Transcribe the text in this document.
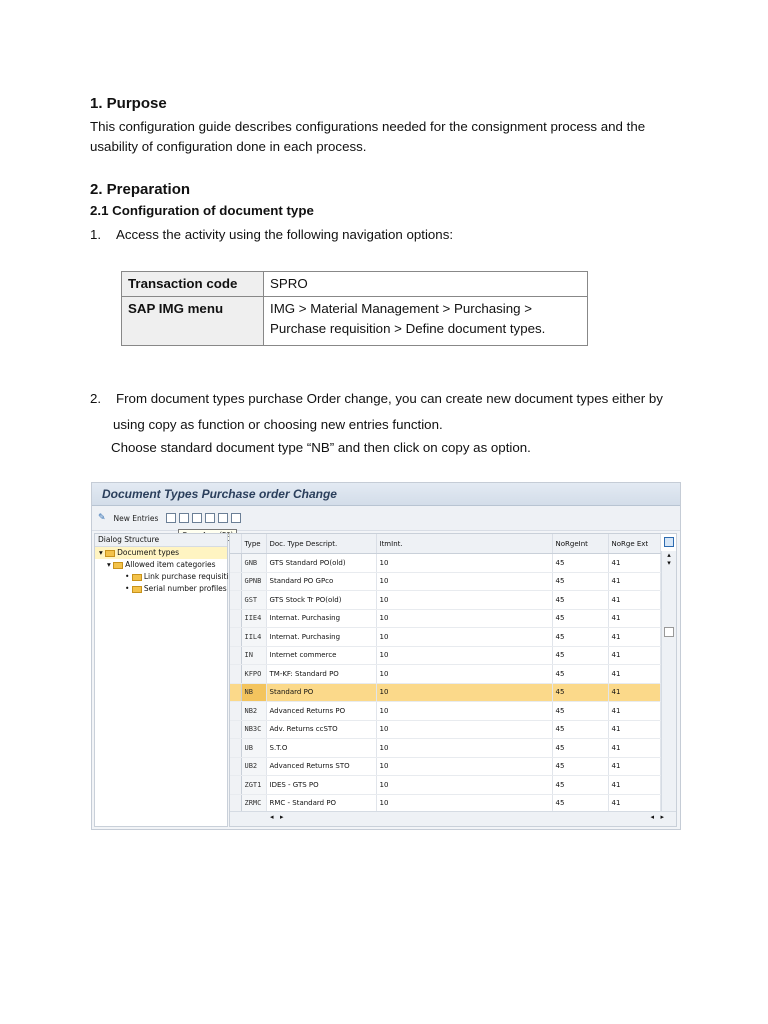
1. Purpose
This configuration guide describes configurations needed for the consignment process and the usability of configuration done in each process.
2. Preparation
2.1 Configuration of document type
1. Access the activity using the following navigation options:
Transaction code	SPRO
SAP IMG menu	IMG > Material Management > Purchasing > Purchase requisition > Define document types.
2. From document types purchase Order change, you can create new document types either by
using copy as function or choosing new entries function.
Choose standard document type “NB” and then click on copy as option.
Document Types Purchase order Change
✎ New Entries
Dialog Structure
▾ Document types
▾ Allowed item categories
• Link purchase requisiti
• Serial number profiles
	Type	Doc. Type Descript.	ItmInt.	NoRgeInt	NoRge Ext
	GNB	GTS Standard PO(old)	10	45	41
	GPNB	Standard PO GPco	10	45	41
	GST	GTS Stock Tr PO(old)	10	45	41
	IIE4	Internat. Purchasing	10	45	41
	IIL4	Internat. Purchasing	10	45	41
	IN	Internet commerce	10	45	41
	KFPO	TM-KF: Standard PO	10	45	41
	NB	Standard PO	10	45	41
	NB2	Advanced Returns PO	10	45	41
	NB3C	Adv. Returns ccSTO	10	45	41
	UB	S.T.O	10	45	41
	UB2	Advanced Returns STO	10	45	41
	ZGT1	IDES - GTS PO	10	45	41
	ZRMC	RMC - Standard PO	10	45	41
▴
▾
◂ ▸	◂ ▸
